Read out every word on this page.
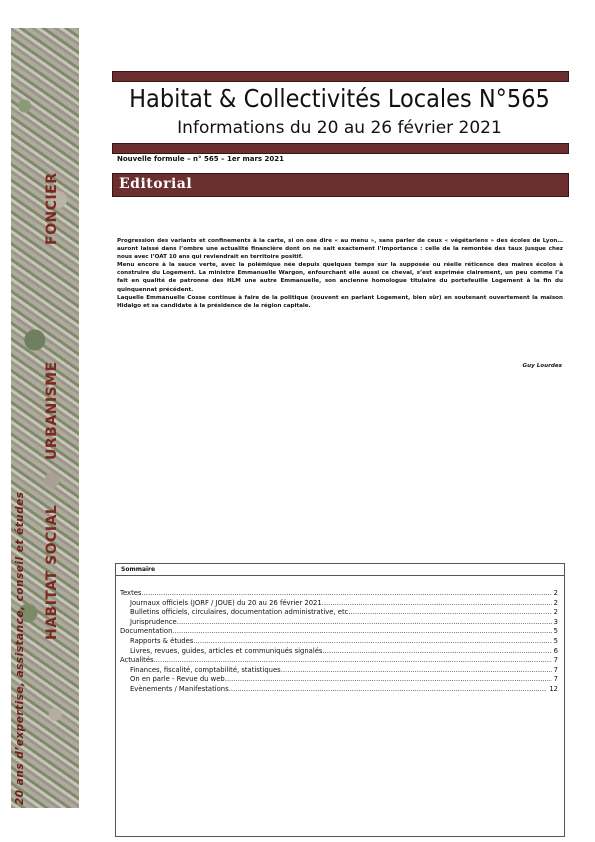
FONCIER
URBANISME
HABITAT SOCIAL
20 ans d’expertise, assistance, conseil et études
Habitat & Collectivités Locales N°565
Informations du 20 au 26 février 2021
Nouvelle formule – n° 565 – 1er mars 2021
Editorial

Progression des variants et confinements à la carte, si on ose dire « au menu », sans parler de ceux « végétariens » des écoles de Lyon… auront laissé dans l’ombre une actualité financière dont on ne sait exactement l’importance : celle de la remontée des taux jusque chez nous avec l’OAT 10 ans qui reviendrait en territoire positif.

Menu encore à la sauce verte, avec la polémique née depuis quelques temps sur la supposée ou réelle réticence des maires écolos à construire du Logement. La ministre Emmanuelle Wargon, enfourchant elle aussi ce cheval, s’est exprimée clairement, un peu comme l’a fait en qualité de patronne des HLM une autre Emmanuelle, son ancienne homologue titulaire du portefeuille Logement à la fin du quinquennat précédent.

Laquelle Emmanuelle Cosse continue à faire de la politique (souvent en parlant Logement, bien sûr) en soutenant ouvertement la maison Hidalgo et sa candidate à la présidence de la région capitale.

Guy Lourdes
Sommaire
Textes .....	2
Journaux officiels (JORF / JOUE) du 20 au 26 février 2021 .....	2
Bulletins officiels, circulaires, documentation administrative, etc. .....	2
Jurisprudence .....	3
Documentation .....	5
Rapports & études .....	5
Livres, revues, guides, articles et communiqués signalés .....	6
Actualités .....	7
Finances, fiscalité, comptabilité, statistiques .....	7
On en parle - Revue du web .....	7
Evènements / Manifestations .....	12
